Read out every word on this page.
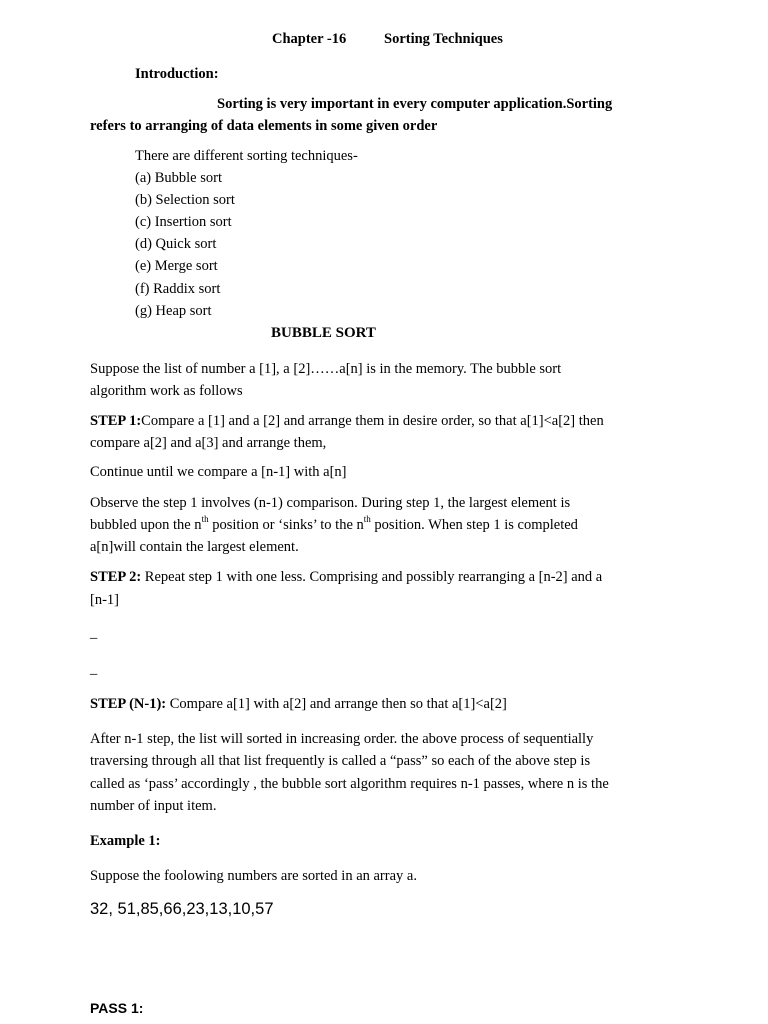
Chapter -16	Sorting Techniques
Introduction:
Sorting is very important in every computer application.Sorting
refers to arranging of data elements in some given order
There are different sorting techniques-
(a) Bubble sort
(b) Selection sort
(c) Insertion sort
(d) Quick sort
(e) Merge sort
(f) Raddix sort
(g) Heap sort
BUBBLE SORT
Suppose the list of number a [1], a [2]……a[n] is in the memory. The bubble sort
algorithm work as follows
STEP 1:Compare a [1] and a [2] and arrange them in desire order, so that a[1]<a[2] then
compare a[2] and a[3] and arrange them,
Continue until we compare a [n-1] with a[n]
Observe the step 1 involves (n-1) comparison. During step 1, the largest element is
bubbled upon the $n^{th}$ position or ‘sinks’ to the $n^{th}$ position. When step 1 is completed
a[n]will contain the largest element.
STEP 2: Repeat step 1 with one less. Comprising and possibly rearranging a [n-2] and a
[n-1]
–
–
STEP (N-1): Compare a[1] with a[2] and arrange then so that a[1]<a[2]
After n-1 step, the list will sorted in increasing order. the above process of sequentially
traversing through all that list frequently is called a “pass” so each of the above step is
called as ‘pass’ accordingly , the bubble sort algorithm requires n-1 passes, where n is the
number of input item.
Example 1:
Suppose the foolowing numbers are sorted in an array a.
32, 51,85,66,23,13,10,57
PASS 1:
